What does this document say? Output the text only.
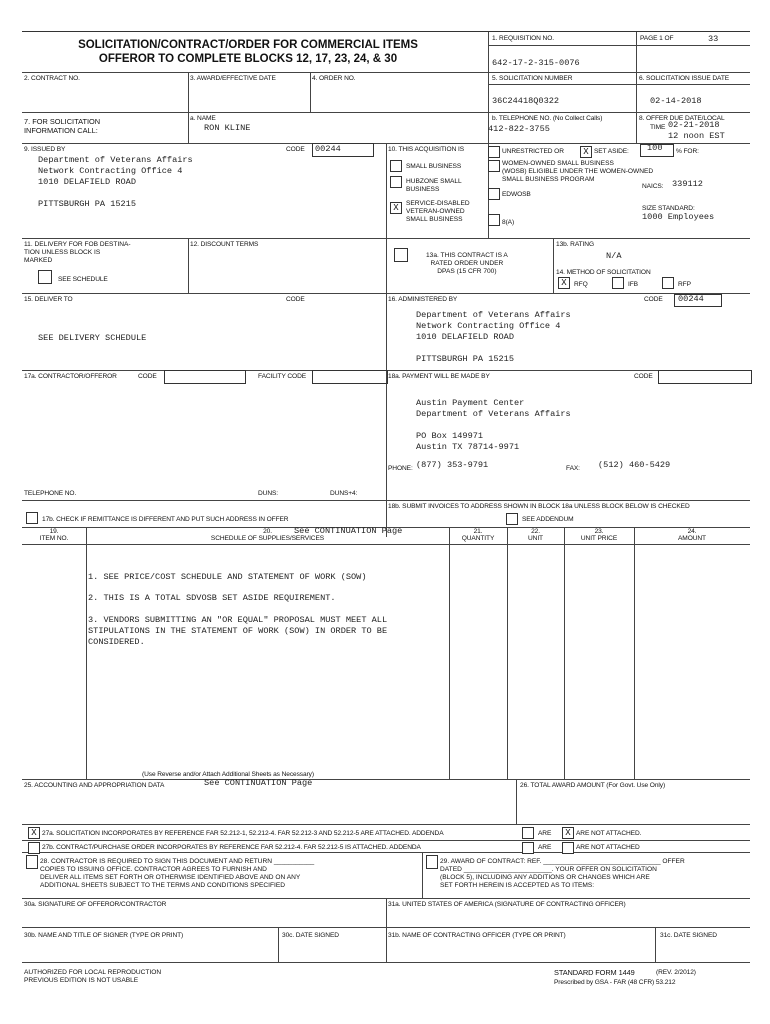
SOLICITATION/CONTRACT/ORDER FOR COMMERCIAL ITEMS
OFFEROR TO COMPLETE BLOCKS 12, 17, 23, 24, & 30
1. REQUISITION NO.
642-17-2-315-0076
PAGE 1 OF	33
2. CONTRACT NO.	3. AWARD/EFFECTIVE DATE	4. ORDER NO.	5. SOLICITATION NUMBER
36C24418Q0322
6. SOLICITATION ISSUE DATE
02-14-2018
7. FOR SOLICITATION
INFORMATION CALL:
a. NAME
RON KLINE
b. TELEPHONE NO. (No Collect Calls)
412-822-3755
8. OFFER DUE DATE/LOCAL
TIME 02-21-2018
12 noon EST
9. ISSUED BY	CODE 00244
Department of Veterans Affairs
Network Contracting Office 4
1010 DELAFIELD ROAD

PITTSBURGH PA 15215
10. THIS ACQUISITION IS	UNRESTRICTED OR	X SET ASIDE: 100 % FOR:
SMALL BUSINESS
HUBZONE SMALL
BUSINESS
X	SERVICE-DISABLED
VETERAN-OWNED
SMALL BUSINESS
WOMEN-OWNED SMALL BUSINESS
(WOSB) ELIGIBLE UNDER THE WOMEN-OWNED
SMALL BUSINESS PROGRAM
EDWOSB
8(A)
NAICS: 339112
SIZE STANDARD:
1000 Employees
11. DELIVERY FOR FOB DESTINA-
TION UNLESS BLOCK IS
MARKED
SEE SCHEDULE
12. DISCOUNT TERMS
13a. THIS CONTRACT IS A
RATED ORDER UNDER
DPAS (15 CFR 700)
13b. RATING
N/A
14. METHOD OF SOLICITATION
X	RFQ	IFB	RFP
15. DELIVER TO	CODE
SEE DELIVERY SCHEDULE
16. ADMINISTERED BY	CODE 00244
Department of Veterans Affairs
Network Contracting Office 4
1010 DELAFIELD ROAD

PITTSBURGH PA 15215
17a. CONTRACTOR/OFFEROR	CODE	FACILITY CODE	18a. PAYMENT WILL BE MADE BY	CODE
Austin Payment Center
Department of Veterans Affairs

PO Box 149971
Austin TX 78714-9971
PHONE: (877) 353-9791	FAX: (512) 460-5429
TELEPHONE NO.	DUNS:	DUNS+4:
17b. CHECK IF REMITTANCE IS DIFFERENT AND PUT SUCH ADDRESS IN OFFER
18b. SUBMIT INVOICES TO ADDRESS SHOWN IN BLOCK 18a UNLESS BLOCK BELOW IS CHECKED
SEE ADDENDUM
19.
ITEM NO.
20.
SCHEDULE OF SUPPLIES/SERVICES
See CONTINUATION Page	21.
QUANTITY
22.
UNIT
23.
UNIT PRICE
24.
AMOUNT
1. SEE PRICE/COST SCHEDULE AND STATEMENT OF WORK (SOW)
2. THIS IS A TOTAL SDVOSB SET ASIDE REQUIREMENT.
3. VENDORS SUBMITTING AN "OR EQUAL" PROPOSAL MUST MEET ALL
STIPULATIONS IN THE STATEMENT OF WORK (SOW) IN ORDER TO BE
CONSIDERED.
(Use Reverse and/or Attach Additional Sheets as Necessary)
25. ACCOUNTING AND APPROPRIATION DATA	See CONTINUATION Page	26. TOTAL AWARD AMOUNT (For Govt. Use Only)
X 27a. SOLICITATION INCORPORATES BY REFERENCE FAR 52.212-1, 52.212-4. FAR 52.212-3 AND 52.212-5 ARE ATTACHED. ADDENDA	ARE	X ARE NOT ATTACHED.
27b. CONTRACT/PURCHASE ORDER INCORPORATES BY REFERENCE FAR 52.212-4. FAR 52.212-5 IS ATTACHED. ADDENDA	ARE	ARE NOT ATTACHED
28. CONTRACTOR IS REQUIRED TO SIGN THIS DOCUMENT AND RETURN ___________
COPIES TO ISSUING OFFICE. CONTRACTOR AGREES TO FURNISH AND
DELIVER ALL ITEMS SET FORTH OR OTHERWISE IDENTIFIED ABOVE AND ON ANY
ADDITIONAL SHEETS SUBJECT TO THE TERMS AND CONDITIONS SPECIFIED
29. AWARD OF CONTRACT: REF. ________________________________ OFFER
DATED ________________________. YOUR OFFER ON SOLICITATION
(BLOCK 5), INCLUDING ANY ADDITIONS OR CHANGES WHICH ARE
SET FORTH HEREIN IS ACCEPTED AS TO ITEMS:
30a. SIGNATURE OF OFFEROR/CONTRACTOR	31a. UNITED STATES OF AMERICA (SIGNATURE OF CONTRACTING OFFICER)
30b. NAME AND TITLE OF SIGNER (TYPE OR PRINT)	30c. DATE SIGNED	31b. NAME OF CONTRACTING OFFICER (TYPE OR PRINT)	31c. DATE SIGNED
AUTHORIZED FOR LOCAL REPRODUCTION
PREVIOUS EDITION IS NOT USABLE
STANDARD FORM 1449	(REV. 2/2012)
Prescribed by GSA - FAR (48 CFR) 53.212
